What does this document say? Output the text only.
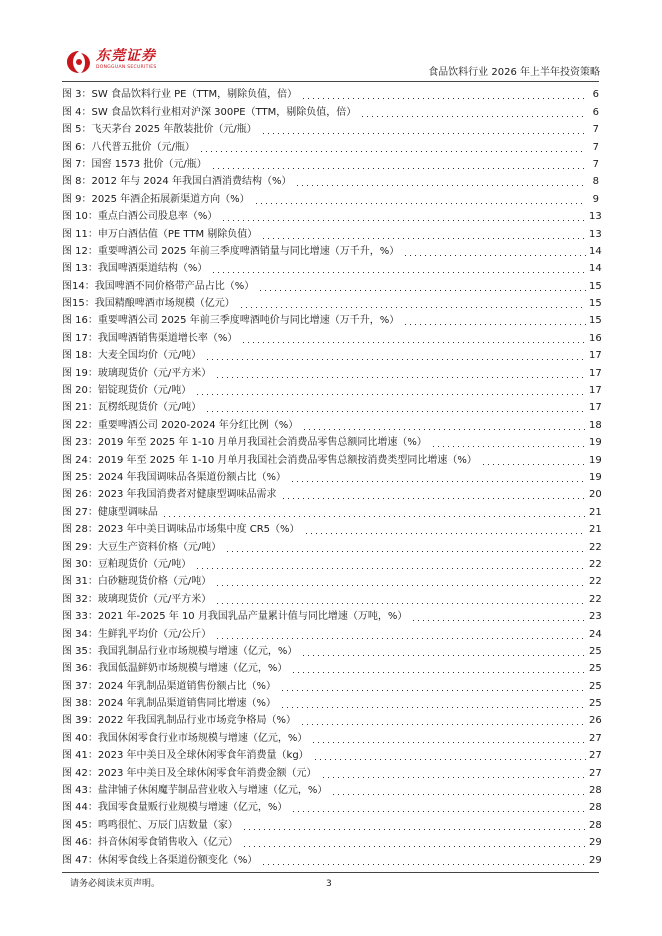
东莞证券
DONGGUAN SECURITIES	食品饮料行业 2026 年上半年投资策略
图 3：SW 食品饮料行业 PE（TTM，剔除负值，倍）	6
图 4：SW 食品饮料行业相对沪深 300PE（TTM，剔除负值，倍）	6
图 5：飞天茅台 2025 年散装批价（元/瓶）	7
图 6：八代普五批价（元/瓶）	7
图 7：国窖 1573 批价（元/瓶）	7
图 8：2012 年与 2024 年我国白酒消费结构（%）	8
图 9：2025 年酒企拓展新渠道方向（%）	9
图 10：重点白酒公司股息率（%）	13
图 11：申万白酒估值（PE TTM 剔除负值）	13
图 12：重要啤酒公司 2025 年前三季度啤酒销量与同比增速（万千升，%）	14
图 13：我国啤酒渠道结构（%）	14
图14：我国啤酒不同价格带产品占比（%）	15
图15：我国精酿啤酒市场规模（亿元）	15
图 16：重要啤酒公司 2025 年前三季度啤酒吨价与同比增速（万千升，%）	15
图 17：我国啤酒销售渠道增长率（%）	16
图 18：大麦全国均价（元/吨）	17
图 19：玻璃现货价（元/平方米）	17
图 20：铝锭现货价（元/吨）	17
图 21：瓦楞纸现货价（元/吨）	17
图 22：重要啤酒公司 2020-2024 年分红比例（%）	18
图 23：2019 年至 2025 年 1-10 月单月我国社会消费品零售总额同比增速（%）	19
图 24：2019 年至 2025 年 1-10 月单月我国社会消费品零售总额按消费类型同比增速（%）	19
图 25：2024 年我国调味品各渠道份额占比（%）	19
图 26：2023 年我国消费者对健康型调味品需求	20
图 27：健康型调味品	21
图 28：2023 年中美日调味品市场集中度 CR5（%）	21
图 29：大豆生产资料价格（元/吨）	22
图 30：豆粕现货价（元/吨）	22
图 31：白砂糖现货价格（元/吨）	22
图 32：玻璃现货价（元/平方米）	22
图 33：2021 年-2025 年 10 月我国乳品产量累计值与同比增速（万吨，%）	23
图 34：生鲜乳平均价（元/公斤）	24
图 35：我国乳制品行业市场规模与增速（亿元，%）	25
图 36：我国低温鲜奶市场规模与增速（亿元，%）	25
图 37：2024 年乳制品渠道销售份额占比（%）	25
图 38：2024 年乳制品渠道销售同比增速（%）	25
图 39：2022 年我国乳制品行业市场竞争格局（%）	26
图 40：我国休闲零食行业市场规模与增速（亿元，%）	27
图 41：2023 年中美日及全球休闲零食年消费量（kg）	27
图 42：2023 年中美日及全球休闲零食年消费金额（元）	27
图 43：盐津铺子休闲魔芋制品营业收入与增速（亿元，%）	28
图 44：我国零食量贩行业规模与增速（亿元，%）	28
图 45：鸣鸣很忙、万辰门店数量（家）	28
图 46：抖音休闲零食销售收入（亿元）	29
图 47：休闲零食线上各渠道份额变化（%）	29
请务必阅读末页声明。	3
